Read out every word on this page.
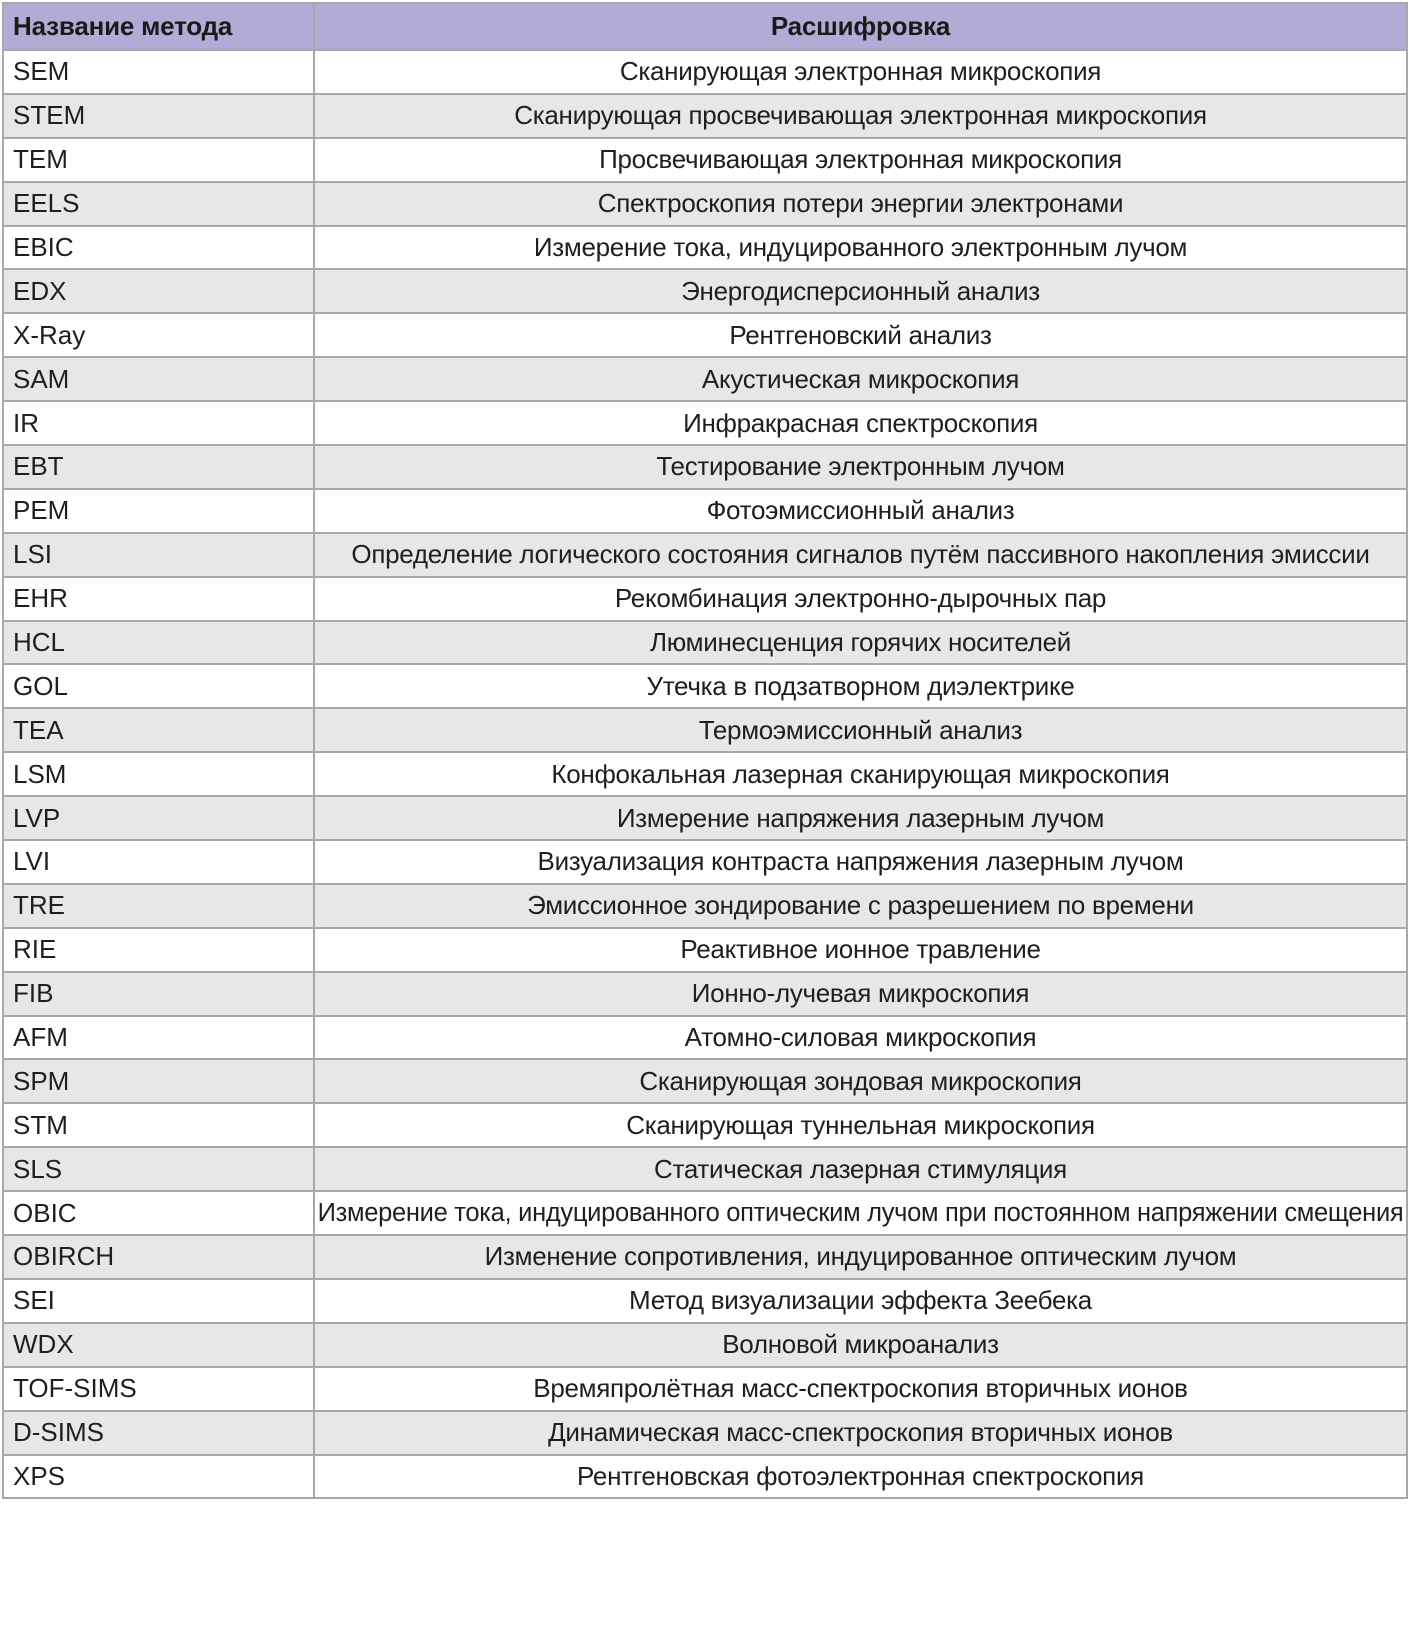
Название метода	Расшифровка
SEM	Сканирующая электронная микроскопия
STEM	Сканирующая просвечивающая электронная микроскопия
TEM	Просвечивающая электронная микроскопия
EELS	Спектроскопия потери энергии электронами
EBIC	Измерение тока, индуцированного электронным лучом
EDX	Энергодисперсионный анализ
X-Ray	Рентгеновский анализ
SAM	Акустическая микроскопия
IR	Инфракрасная спектроскопия
EBT	Тестирование электронным лучом
PEM	Фотоэмиссионный анализ
LSI	Определение логического состояния сигналов путём пассивного накопления эмиссии
EHR	Рекомбинация электронно-дырочных пар
HCL	Люминесценция горячих носителей
GOL	Утечка в подзатворном диэлектрике
TEA	Термоэмиссионный анализ
LSM	Конфокальная лазерная сканирующая микроскопия
LVP	Измерение напряжения лазерным лучом
LVI	Визуализация контраста напряжения лазерным лучом
TRE	Эмиссионное зондирование с разрешением по времени
RIE	Реактивное ионное травление
FIB	Ионно-лучевая микроскопия
AFM	Атомно-силовая микроскопия
SPM	Сканирующая зондовая микроскопия
STM	Сканирующая туннельная микроскопия
SLS	Статическая лазерная стимуляция
OBIC	Измерение тока, индуцированного оптическим лучом при постоянном напряжении смещения
OBIRCH	Изменение сопротивления, индуцированное оптическим лучом
SEI	Метод визуализации эффекта Зеебека
WDX	Волновой микроанализ
TOF-SIMS	Времяпролётная масс-спектроскопия вторичных ионов
D-SIMS	Динамическая масс-спектроскопия вторичных ионов
XPS	Рентгеновская фотоэлектронная спектроскопия
